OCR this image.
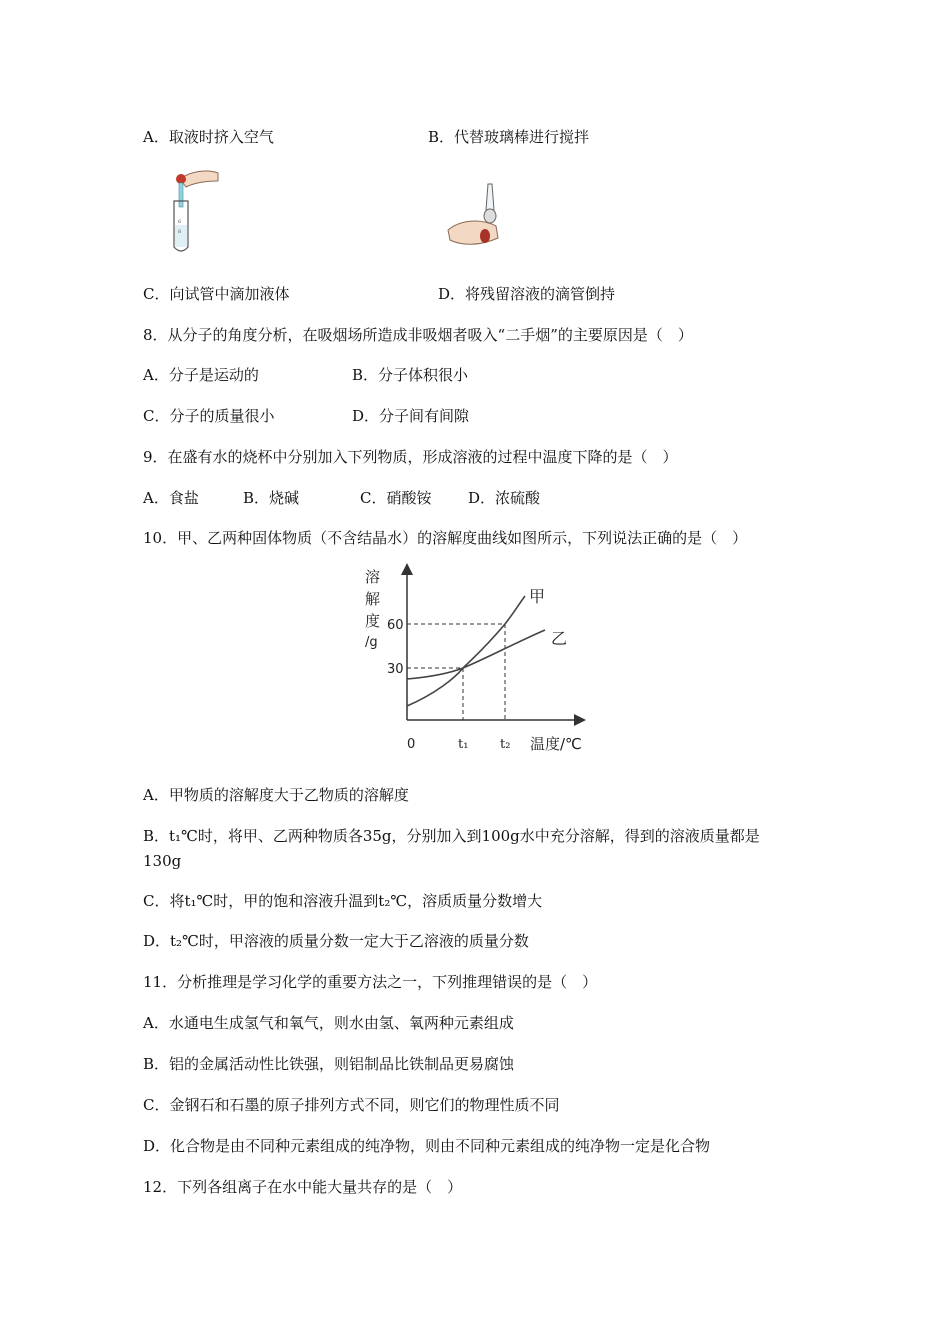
A．取液时挤入空气	B．代替玻璃棒进行搅拌
6
8
C．向试管中滴加液体	D．将残留溶液的滴管倒持
8．从分子的角度分析，在吸烟场所造成非吸烟者吸入“二手烟”的主要原因是（　）
A．分子是运动的	B．分子体积很小
C．分子的质量很小	D．分子间有间隙
9．在盛有水的烧杯中分别加入下列物质，形成溶液的过程中温度下降的是（　）
A．食盐	B．烧碱	C．硝酸铵 D．浓硫酸
10．甲、乙两种固体物质（不含结晶水）的溶解度曲线如图所示，下列说法正确的是（　）
溶
解
度
/g
60
30
0	t₁ t₂ 温度/℃
甲
乙
A．甲物质的溶解度大于乙物质的溶解度
B．t₁℃时，将甲、乙两种物质各35g，分别加入到100g水中充分溶解，得到的溶液质量都是
130g
C．将t₁℃时，甲的饱和溶液升温到t₂℃，溶质质量分数增大
D．t₂℃时，甲溶液的质量分数一定大于乙溶液的质量分数
11．分析推理是学习化学的重要方法之一，下列推理错误的是（　）
A．水通电生成氢气和氧气，则水由氢、氧两种元素组成
B．铝的金属活动性比铁强，则铝制品比铁制品更易腐蚀
C．金钢石和石墨的原子排列方式不同，则它们的物理性质不同
D．化合物是由不同种元素组成的纯净物，则由不同种元素组成的纯净物一定是化合物
12．下列各组离子在水中能大量共存的是（　）
